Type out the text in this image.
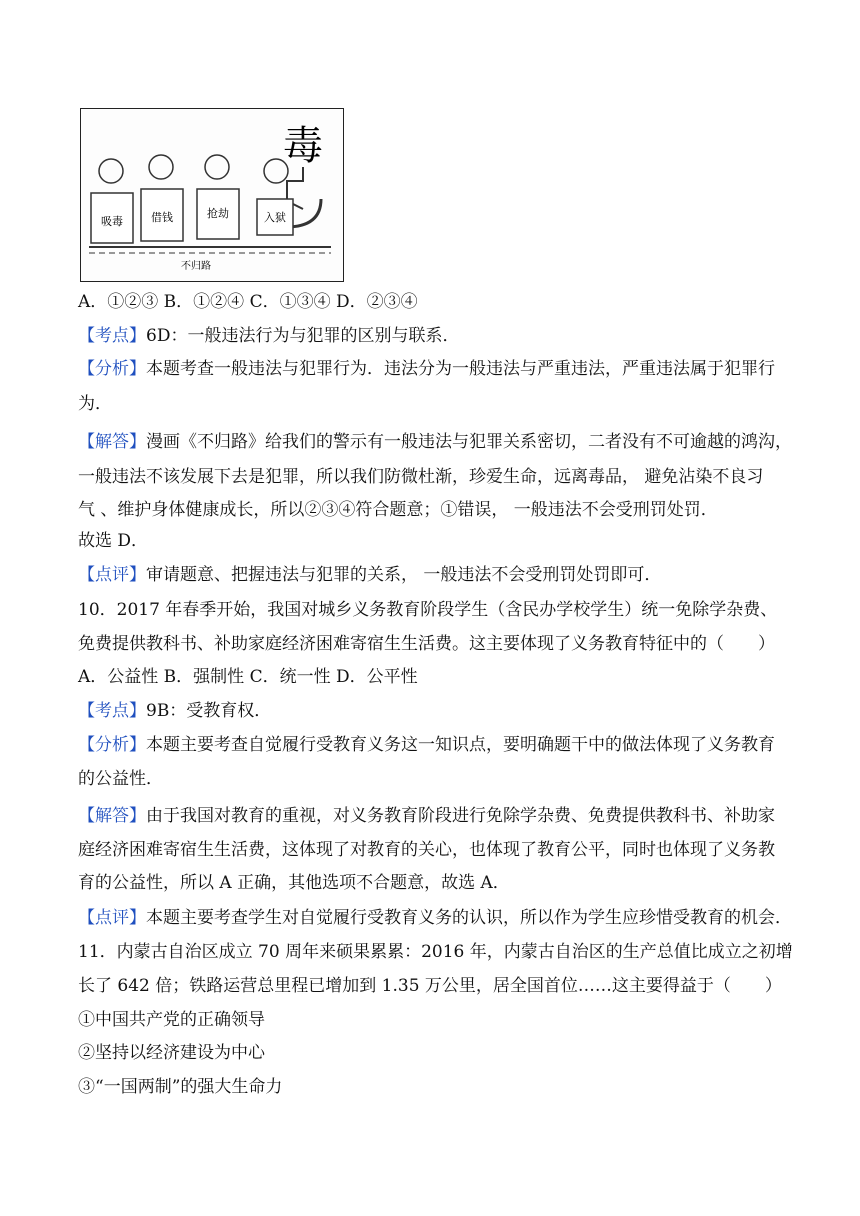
毒
吸毒	借钱	抢劫	入狱
不归路
A．①②③ B．①②④ C．①③④ D．②③④
【考点】6D：一般违法行为与犯罪的区别与联系．
【分析】本题考查一般违法与犯罪行为．违法分为一般违法与严重违法，严重违法属于犯罪行
为．
【解答】漫画《不归路》给我们的警示有一般违法与犯罪关系密切，二者没有不可逾越的鸿沟，
一般违法不该发展下去是犯罪，所以我们防微杜渐，珍爱生命，远离毒品， 避免沾染不良习
气 、维护身体健康成长，所以②③④符合题意；①错误， 一般违法不会受刑罚处罚．
故选 D．
【点评】审请题意、把握违法与犯罪的关系， 一般违法不会受刑罚处罚即可．
10．2017 年春季开始，我国对城乡义务教育阶段学生（含民办学校学生）统一免除学杂费、
免费提供教科书、补助家庭经济困难寄宿生生活费。这主要体现了义务教育特征中的（　　）
A．公益性 B．强制性 C．统一性 D．公平性
【考点】9B：受教育权．
【分析】本题主要考查自觉履行受教育义务这一知识点，要明确题干中的做法体现了义务教育
的公益性．
【解答】由于我国对教育的重视，对义务教育阶段进行免除学杂费、免费提供教科书、补助家
庭经济困难寄宿生生活费，这体现了对教育的关心，也体现了教育公平，同时也体现了义务教
育的公益性，所以 A 正确，其他选项不合题意，故选 A．
【点评】本题主要考查学生对自觉履行受教育义务的认识，所以作为学生应珍惜受教育的机会．
11．内蒙古自治区成立 70 周年来硕果累累：2016 年，内蒙古自治区的生产总值比成立之初增
长了 642 倍；铁路运营总里程已增加到 1.35 万公里，居全国首位……这主要得益于（　　）
①中国共产党的正确领导
②坚持以经济建设为中心
③“一国两制”的强大生命力
